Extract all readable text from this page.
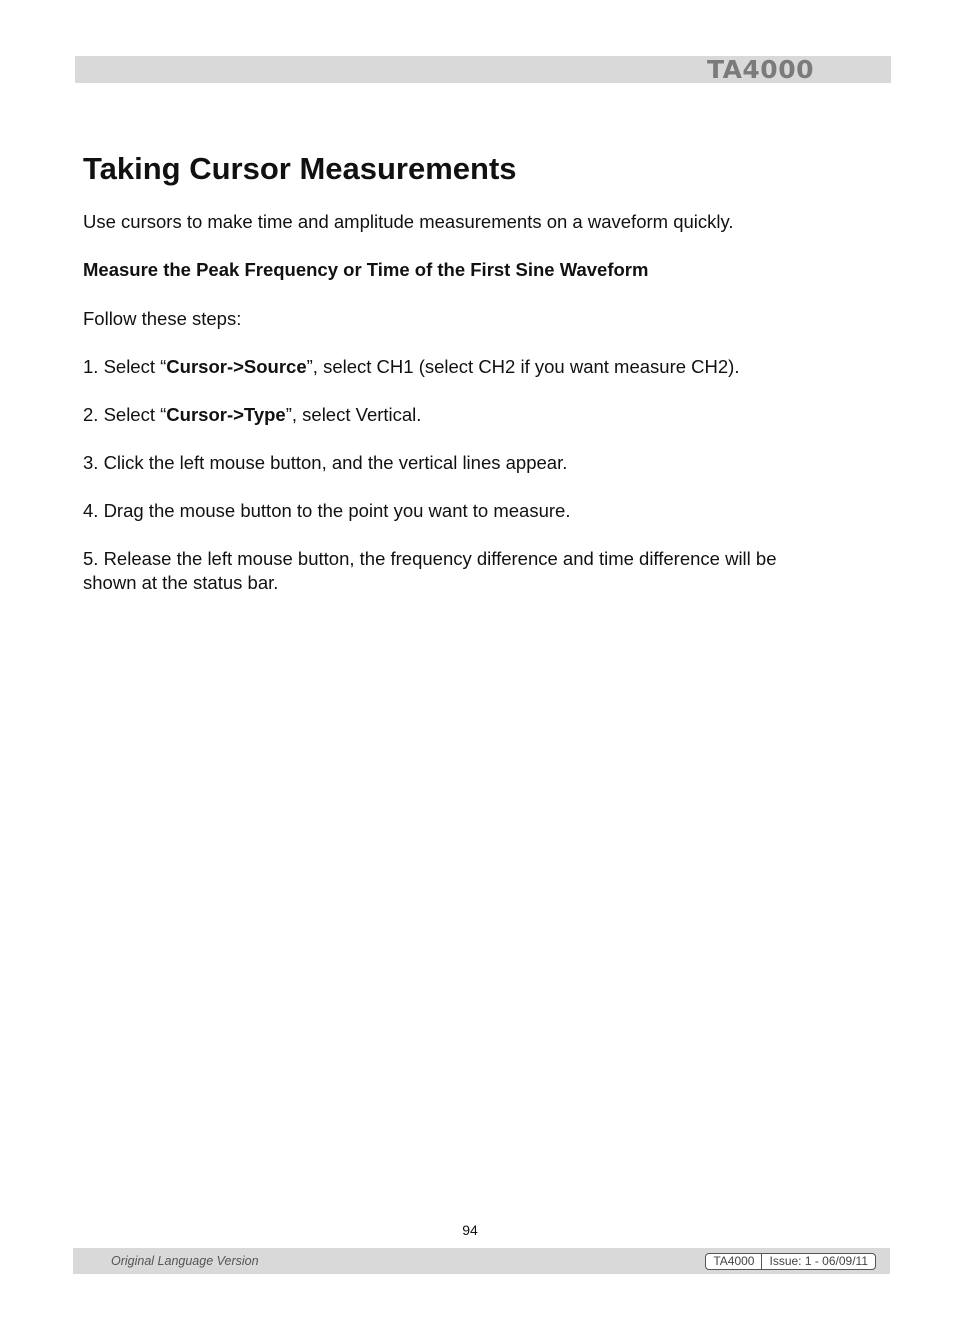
TA4000
Taking Cursor Measurements

Use cursors to make time and amplitude measurements on a waveform quickly.

Measure the Peak Frequency or Time of the First Sine Waveform

Follow these steps:

1. Select “Cursor->Source”, select CH1 (select CH2 if you want measure CH2).

2. Select “Cursor->Type”, select Vertical.

3. Click the left mouse button, and the vertical lines appear.

4. Drag the mouse button to the point you want to measure.

5. Release the left mouse button, the frequency difference and time difference will be
shown at the status bar.

94
Original Language Version	TA4000	Issue: 1 - 06/09/11
